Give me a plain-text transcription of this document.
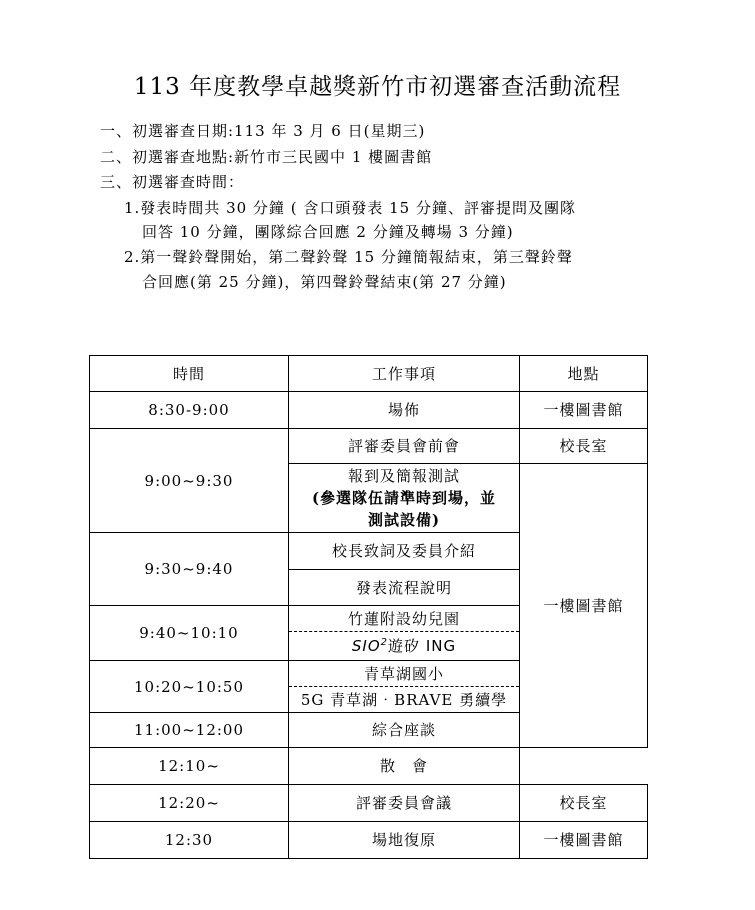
113 年度教學卓越獎新竹市初選審查活動流程
一、初選審查日期:113 年 3 月 6 日(星期三)
二、初選審查地點:新竹市三民國中 1 樓圖書館
三、初選審查時間：
1.發表時間共 30 分鐘 ( 含口頭發表 15 分鐘、評審提問及團隊
回答 10 分鐘，團隊綜合回應 2 分鐘及轉場 3 分鐘)
2.第一聲鈴聲開始，第二聲鈴聲 15 分鐘簡報結束，第三聲鈴聲
合回應(第 25 分鐘)，第四聲鈴聲結束(第 27 分鐘)
時間	工作事項	地點
8:30-9:00	場佈	一樓圖書館
9:00~9:30	評審委員會前會	校長室

	報到及簡報測試
(參選隊伍請準時到場，並
測試設備)	一樓圖書館
9:30~9:40	校長致詞及委員介紹	
	發表流程說明	
9:40~10:10	竹蓮附設幼兒園	
	SIO$^2$遊矽 ING	
10:20~10:50	青草湖國小	
	5G 青草湖‧BRAVE 勇續學	
11:00~12:00	綜合座談	
12:10~	散　會	
12:20~	評審委員會議	校長室
12:30	場地復原	一樓圖書館
